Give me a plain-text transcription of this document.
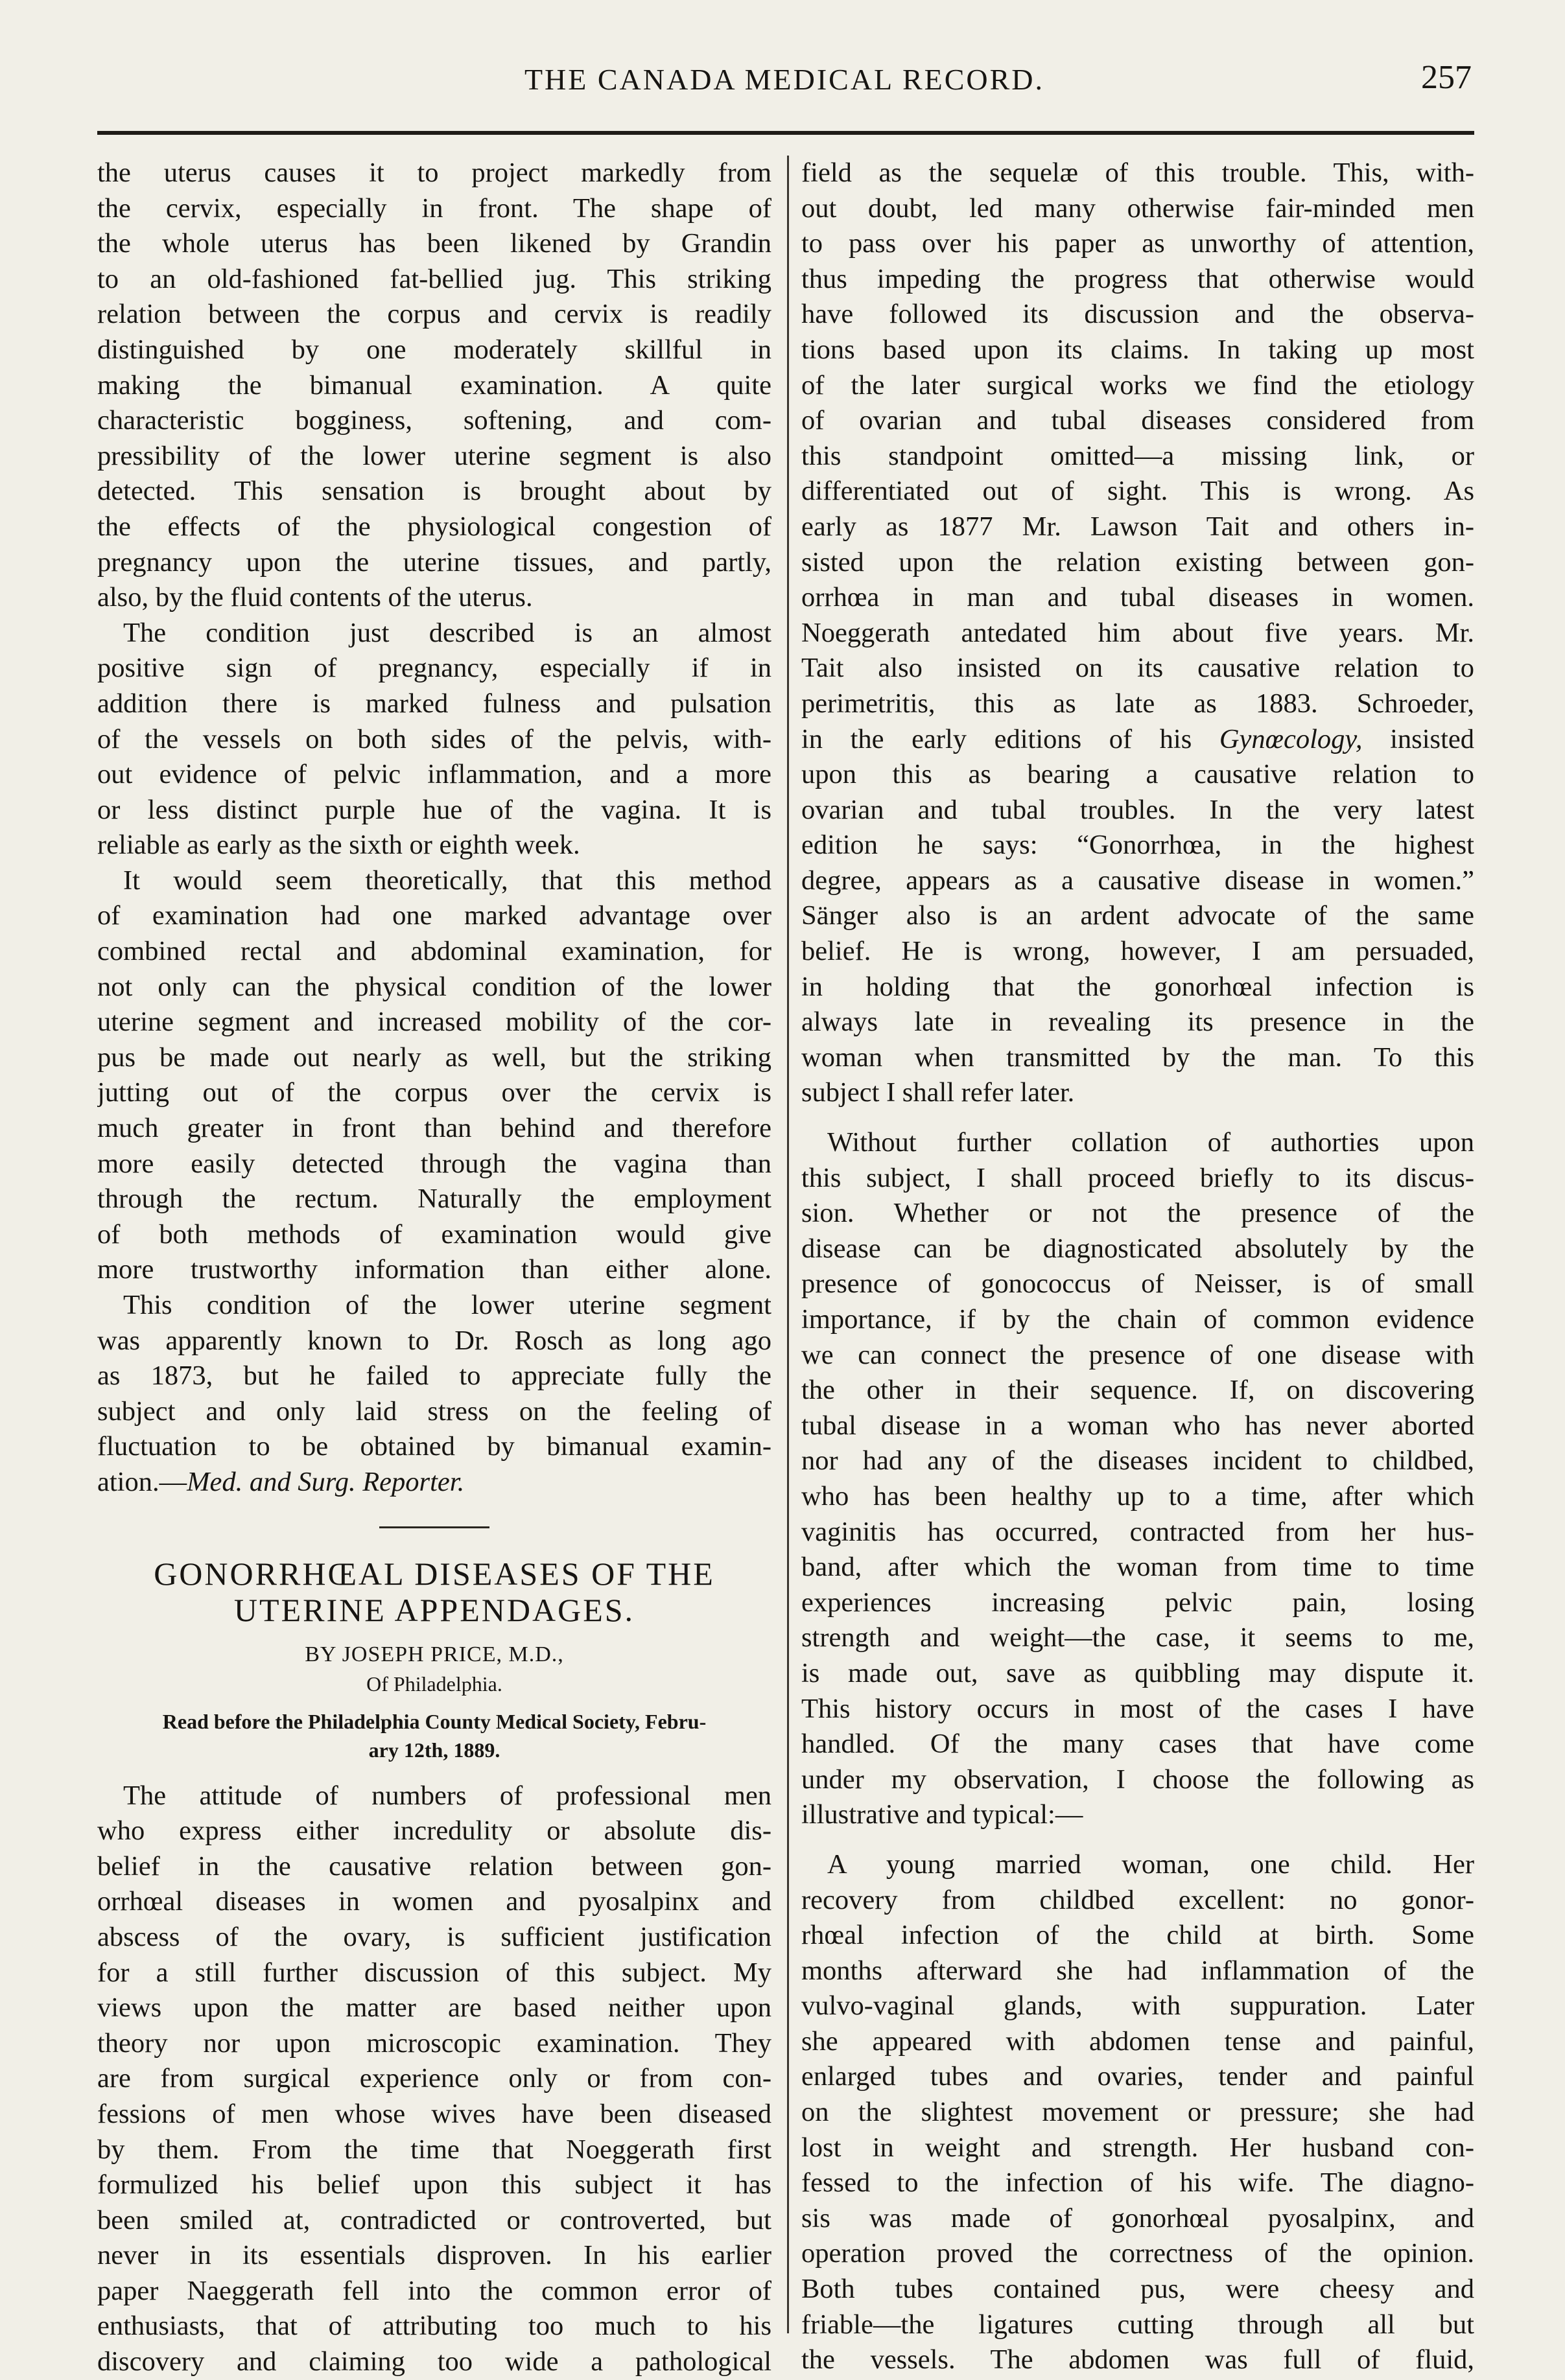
THE CANADA MEDICAL RECORD.	257
the uterus causes it to project markedly from
the cervix, especially in front. The shape of
the whole uterus has been likened by Grandin
to an old-fashioned fat-bellied jug. This striking
relation between the corpus and cervix is readily
distinguished by one moderately skillful in
making the bimanual examination. A quite
characteristic bogginess, softening, and com-
pressibility of the lower uterine segment is also
detected. This sensation is brought about by
the effects of the physiological congestion of
pregnancy upon the uterine tissues, and partly,
also, by the fluid contents of the uterus.
The condition just described is an almost
positive sign of pregnancy, especially if in
addition there is marked fulness and pulsation
of the vessels on both sides of the pelvis, with-
out evidence of pelvic inflammation, and a more
or less distinct purple hue of the vagina. It is
reliable as early as the sixth or eighth week.
It would seem theoretically, that this method
of examination had one marked advantage over
combined rectal and abdominal examination, for
not only can the physical condition of the lower
uterine segment and increased mobility of the cor-
pus be made out nearly as well, but the striking
jutting out of the corpus over the cervix is
much greater in front than behind and therefore
more easily detected through the vagina than
through the rectum. Naturally the employment
of both methods of examination would give
more trustworthy information than either alone.
This condition of the lower uterine segment
was apparently known to Dr. Rosch as long ago
as 1873, but he failed to appreciate fully the
subject and only laid stress on the feeling of
fluctuation to be obtained by bimanual examin-
ation.—Med. and Surg. Reporter.
GONORRHŒAL DISEASES OF THE
UTERINE APPENDAGES.
BY JOSEPH PRICE, M.D.,
Of Philadelphia.
Read before the Philadelphia County Medical Society, Febru-
ary 12th, 1889.
The attitude of numbers of professional men
who express either incredulity or absolute dis-
belief in the causative relation between gon-
orrhœal diseases in women and pyosalpinx and
abscess of the ovary, is sufficient justification
for a still further discussion of this subject. My
views upon the matter are based neither upon
theory nor upon microscopic examination. They
are from surgical experience only or from con-
fessions of men whose wives have been diseased
by them. From the time that Noeggerath first
formulized his belief upon this subject it has
been smiled at, contradicted or controverted, but
never in its essentials disproven. In his earlier
paper Naeggerath fell into the common error of
enthusiasts, that of attributing too much to his
discovery and claiming too wide a pathological
field as the sequelæ of this trouble. This, with-
out doubt, led many otherwise fair-minded men
to pass over his paper as unworthy of attention,
thus impeding the progress that otherwise would
have followed its discussion and the observa-
tions based upon its claims. In taking up most
of the later surgical works we find the etiology
of ovarian and tubal diseases considered from
this standpoint omitted—a missing link, or
differentiated out of sight. This is wrong. As
early as 1877 Mr. Lawson Tait and others in-
sisted upon the relation existing between gon-
orrhœa in man and tubal diseases in women.
Noeggerath antedated him about five years. Mr.
Tait also insisted on its causative relation to
perimetritis, this as late as 1883. Schroeder,
in the early editions of his Gynœcology, insisted
upon this as bearing a causative relation to
ovarian and tubal troubles. In the very latest
edition he says: “Gonorrhœa, in the highest
degree, appears as a causative disease in women.”
Sänger also is an ardent advocate of the same
belief. He is wrong, however, I am persuaded,
in holding that the gonorhœal infection is
always late in revealing its presence in the
woman when transmitted by the man. To this
subject I shall refer later.
Without further collation of authorties upon
this subject, I shall proceed briefly to its discus-
sion. Whether or not the presence of the
disease can be diagnosticated absolutely by the
presence of gonococcus of Neisser, is of small
importance, if by the chain of common evidence
we can connect the presence of one disease with
the other in their sequence. If, on discovering
tubal disease in a woman who has never aborted
nor had any of the diseases incident to childbed,
who has been healthy up to a time, after which
vaginitis has occurred, contracted from her hus-
band, after which the woman from time to time
experiences increasing pelvic pain, losing
strength and weight—the case, it seems to me,
is made out, save as quibbling may dispute it.
This history occurs in most of the cases I have
handled. Of the many cases that have come
under my observation, I choose the following as
illustrative and typical:—
A young married woman, one child. Her
recovery from childbed excellent: no gonor-
rhœal infection of the child at birth. Some
months afterward she had inflammation of the
vulvo-vaginal glands, with suppuration. Later
she appeared with abdomen tense and painful,
enlarged tubes and ovaries, tender and painful
on the slightest movement or pressure; she had
lost in weight and strength. Her husband con-
fessed to the infection of his wife. The diagno-
sis was made of gonorhœal pyosalpinx, and
operation proved the correctness of the opinion.
Both tubes contained pus, were cheesy and
friable—the ligatures cutting through all but
the vessels. The abdomen was full of fluid,
